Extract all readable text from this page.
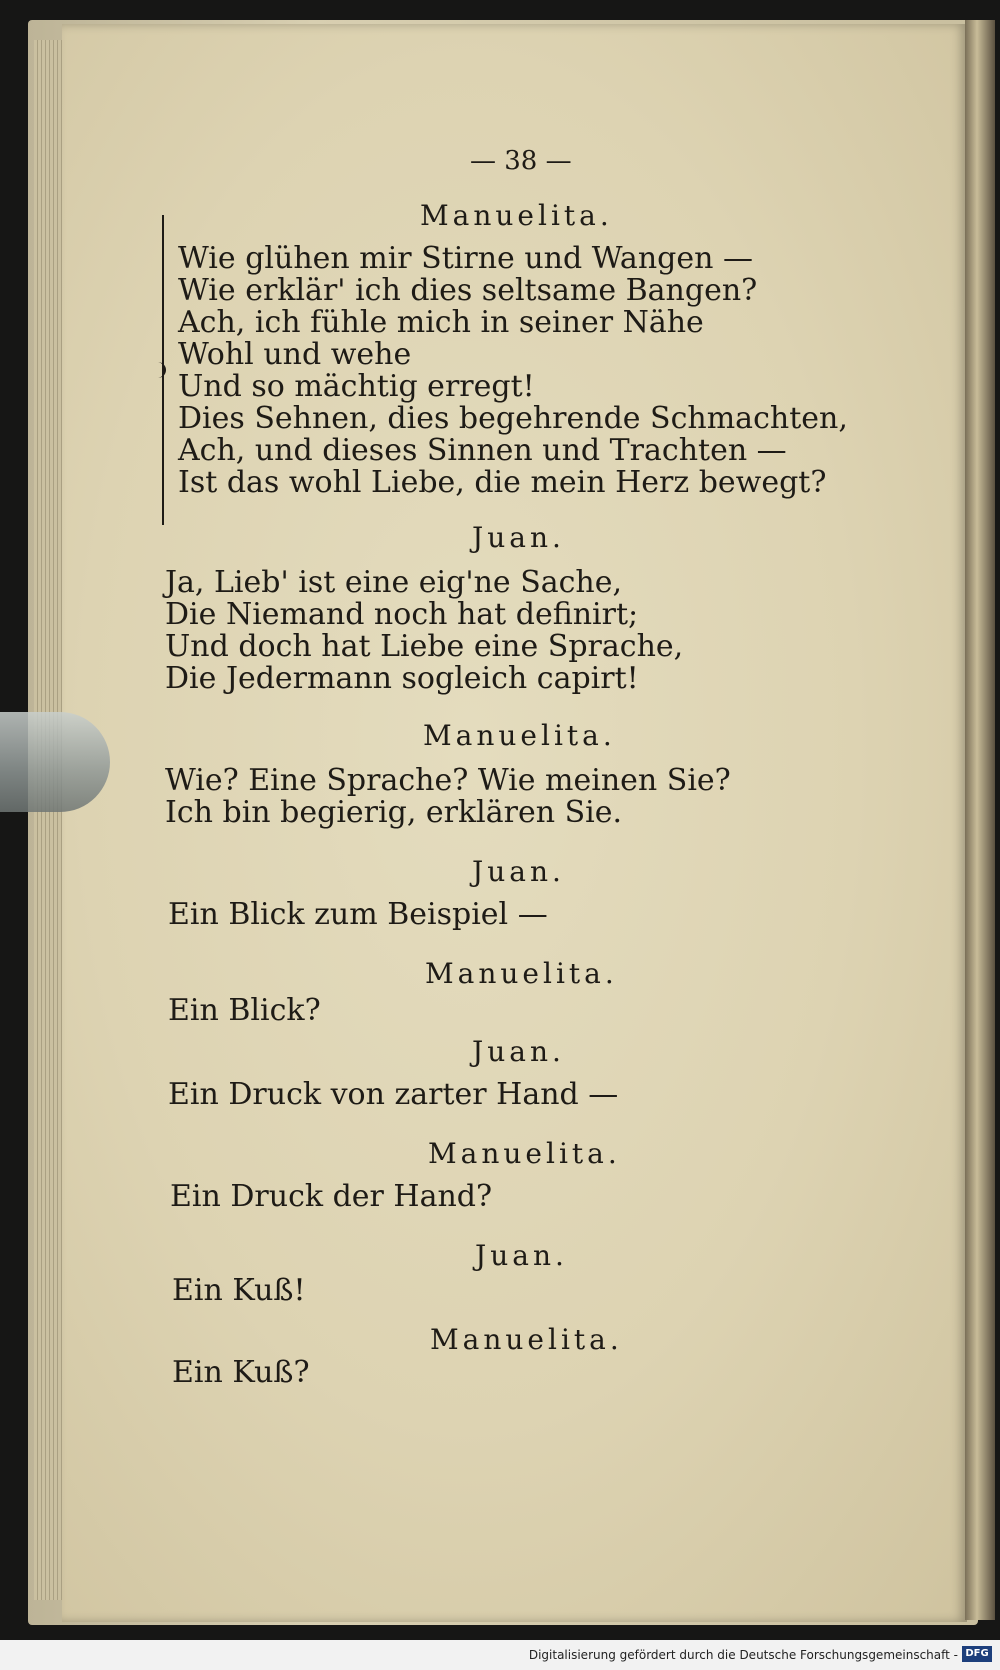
— 38 —
Manuelita.
Wie glühen mir Stirne und Wangen —
Wie erklär' ich dies seltsame Bangen?
Ach, ich fühle mich in seiner Nähe
Wohl und wehe
Und so mächtig erregt!
Dies Sehnen, dies begehrende Schmachten,
Ach, und dieses Sinnen und Trachten —
Ist das wohl Liebe, die mein Herz bewegt?
Juan.
Ja, Lieb' ist eine eig'ne Sache,
Die Niemand noch hat definirt;
Und doch hat Liebe eine Sprache,
Die Jedermann sogleich capirt!
Manuelita.
Wie? Eine Sprache? Wie meinen Sie?
Ich bin begierig, erklären Sie.
Juan.
Ein Blick zum Beispiel —
Manuelita.
Ein Blick?
Juan.
Ein Druck von zarter Hand —
Manuelita.
Ein Druck der Hand?
Juan.
Ein Kuß!
Manuelita.
Ein Kuß?
Digitalisierung gefördert durch die Deutsche Forschungsgemeinschaft - DFG
